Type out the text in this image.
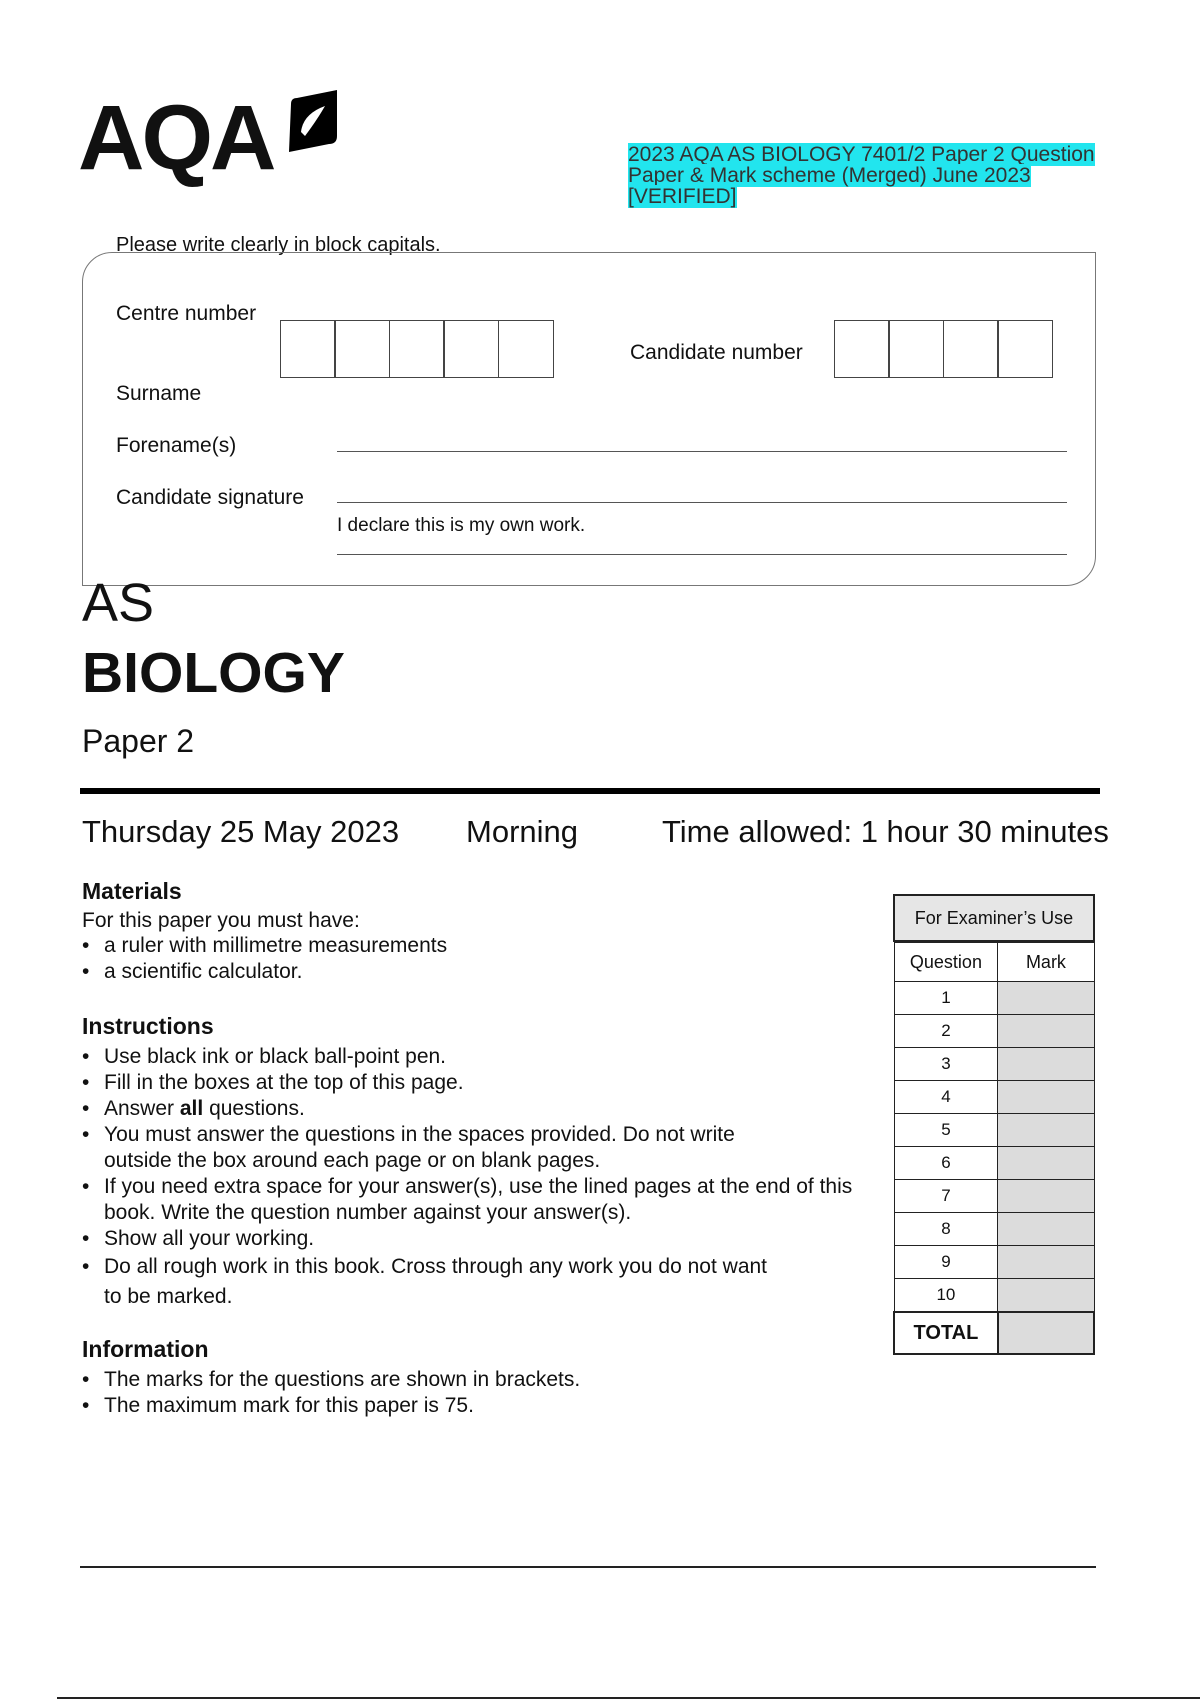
AQA	2023 AQA AS BIOLOGY 7401/2 Paper 2 Question Paper & Mark scheme (Merged) June 2023 [VERIFIED]
Please write clearly in block capitals.
Centre number
Candidate number
Surname
Forename(s)
Candidate signature
I declare this is my own work.
AS
BIOLOGY
Paper 2
Thursday 25 May 2023 Morning	Time allowed: 1 hour 30 minutes
Materials
For this paper you must have:
• a ruler with millimetre measurements
• a scientific calculator.
Instructions
• Use black ink or black ball-point pen.
• Fill in the boxes at the top of this page.
• Answer all questions.
• You must answer the questions in the spaces provided. Do not write outside the box around each page or on blank pages.
• If you need extra space for your answer(s), use the lined pages at the end of this book. Write the question number against your answer(s).
• Show all your working.
• Do all rough work in this book. Cross through any work you do not want to be marked.
Information
• The marks for the questions are shown in brackets.
• The maximum mark for this paper is 75.
For Examiner’s Use
Question	Mark
1	
2	
3	
4	
5	
6	
7	
8	
9	
10	
TOTAL	
